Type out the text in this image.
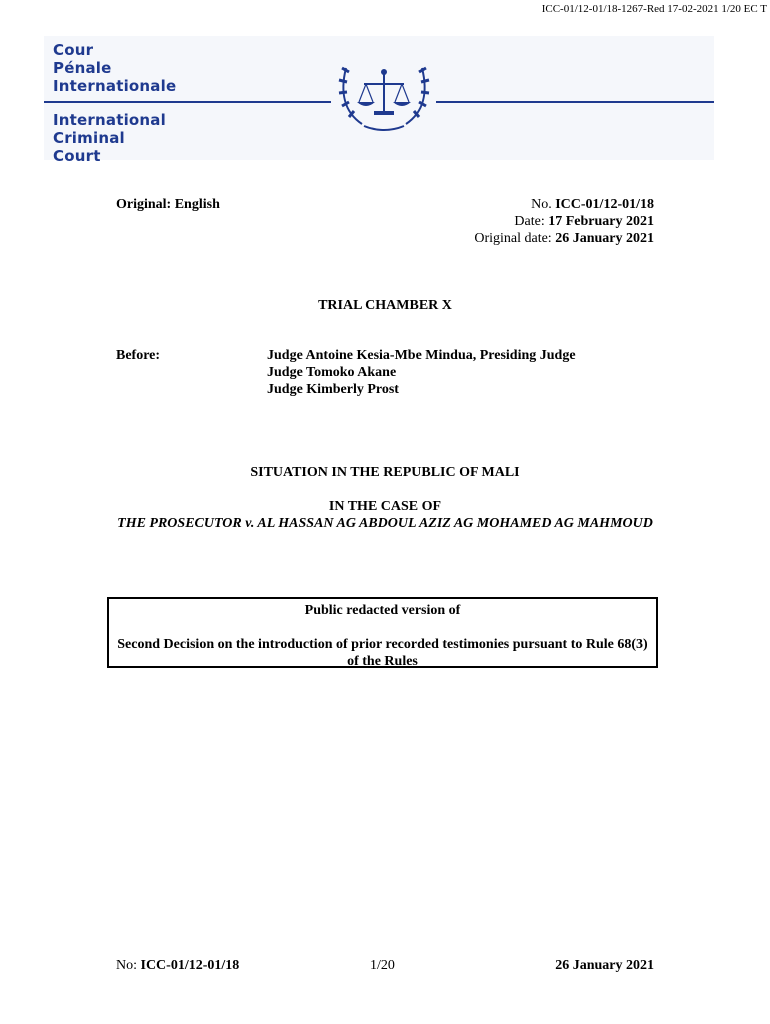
ICC-01/12-01/18-1267-Red 17-02-2021 1/20 EC T
Cour
Pénale
Internationale
International
Criminal
Court
Original: English	No. ICC-01/12-01/18
Date: 17 February 2021
Original date: 26 January 2021
TRIAL CHAMBER X
Before:	Judge Antoine Kesia-Mbe Mindua, Presiding Judge
Judge Tomoko Akane
Judge Kimberly Prost
SITUATION IN THE REPUBLIC OF MALI
IN THE CASE OF
THE PROSECUTOR v. AL HASSAN AG ABDOUL AZIZ AG MOHAMED AG MAHMOUD
Public redacted version of
Second Decision on the introduction of prior recorded testimonies pursuant to Rule 68(3) of the Rules
No: ICC-01/12-01/18	1/20	26 January 2021
